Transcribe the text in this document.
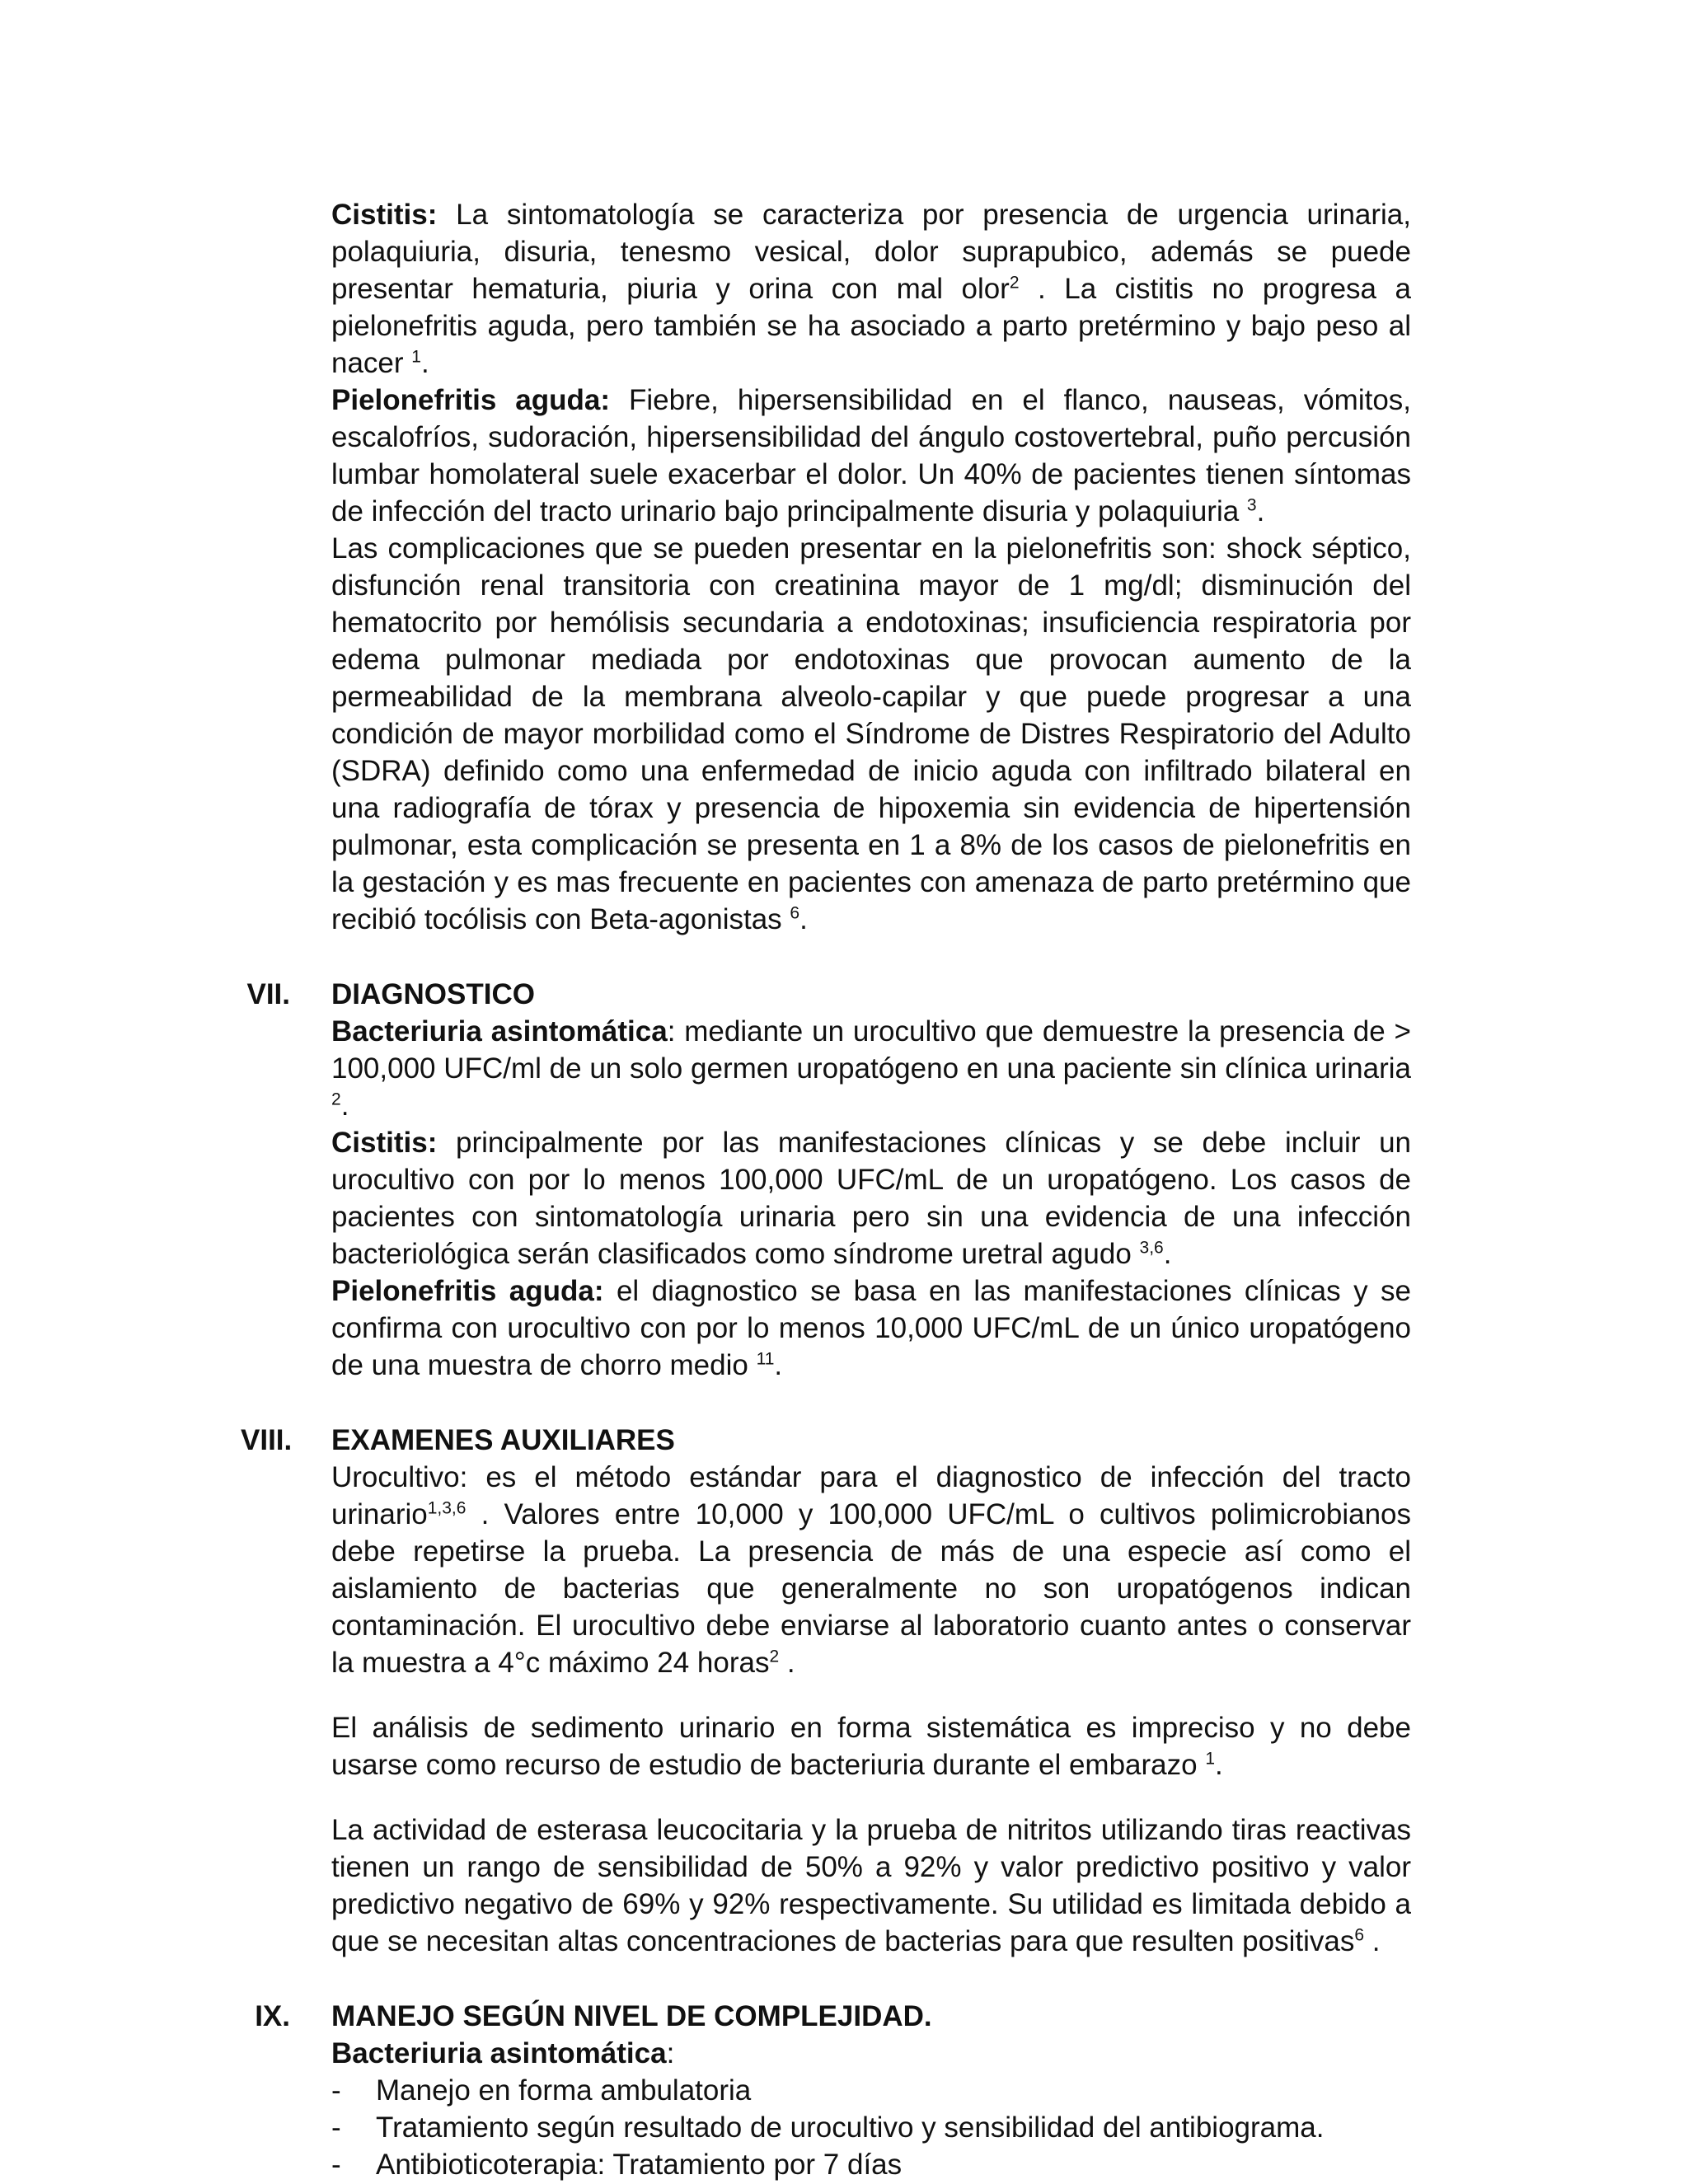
Cistitis: La sintomatología se caracteriza por presencia de urgencia urinaria, polaquiuria, disuria, tenesmo vesical, dolor suprapubico, además se puede presentar hematuria, piuria y orina con mal olor$^2$ . La cistitis no progresa a pielonefritis aguda, pero también se ha asociado a parto pretérmino y bajo peso al nacer $^1$.

Pielonefritis aguda: Fiebre, hipersensibilidad en el flanco, nauseas, vómitos, escalofríos, sudoración, hipersensibilidad del ángulo costovertebral, puño percusión lumbar homolateral suele exacerbar el dolor. Un 40% de pacientes tienen síntomas de infección del tracto urinario bajo principalmente disuria y polaquiuria $^3$.

Las complicaciones que se pueden presentar en la pielonefritis son: shock séptico, disfunción renal transitoria con creatinina mayor de 1 mg/dl; disminución del hematocrito por hemólisis secundaria a endotoxinas; insuficiencia respiratoria por edema pulmonar mediada por endotoxinas que provocan aumento de la permeabilidad de la membrana alveolo-capilar y que puede progresar a una condición de mayor morbilidad como el Síndrome de Distres Respiratorio del Adulto (SDRA) definido como una enfermedad de inicio aguda con infiltrado bilateral en una radiografía de tórax y presencia de hipoxemia sin evidencia de hipertensión pulmonar, esta complicación se presenta en 1 a 8% de los casos de pielonefritis en la gestación y es mas frecuente en pacientes con amenaza de parto pretérmino que recibió tocólisis con Beta-agonistas $^6$.

VII. DIAGNOSTICO

Bacteriuria asintomática: mediante un urocultivo que demuestre la presencia de > 100,000 UFC/ml de un solo germen uropatógeno en una paciente sin clínica urinaria $^2$.

Cistitis: principalmente por las manifestaciones clínicas y se debe incluir un urocultivo con por lo menos 100,000 UFC/mL de un uropatógeno. Los casos de pacientes con sintomatología urinaria pero sin una evidencia de una infección bacteriológica serán clasificados como síndrome uretral agudo $^{3,6}$.

Pielonefritis aguda: el diagnostico se basa en las manifestaciones clínicas y se confirma con urocultivo con por lo menos 10,000 UFC/mL de un único uropatógeno de una muestra de chorro medio $^{11}$.

VIII. EXAMENES AUXILIARES

Urocultivo: es el método estándar para el diagnostico de infección del tracto urinario$^{1,3,6}$ . Valores entre 10,000 y 100,000 UFC/mL o cultivos polimicrobianos debe repetirse la prueba. La presencia de más de una especie así como el aislamiento de bacterias que generalmente no son uropatógenos indican contaminación. El urocultivo debe enviarse al laboratorio cuanto antes o conservar la muestra a 4°c máximo 24 horas$^2$ .

El análisis de sedimento urinario en forma sistemática es impreciso y no debe usarse como recurso de estudio de bacteriuria durante el embarazo $^1$.

La actividad de esterasa leucocitaria y la prueba de nitritos utilizando tiras reactivas tienen un rango de sensibilidad de 50% a 92% y valor predictivo positivo y valor predictivo negativo de 69% y 92% respectivamente. Su utilidad es limitada debido a que se necesitan altas concentraciones de bacterias para que resulten positivas$^6$ .

IX. MANEJO SEGÚN NIVEL DE COMPLEJIDAD.

Bacteriuria asintomática:

- Manejo en forma ambulatoria
- Tratamiento según resultado de urocultivo y sensibilidad del antibiograma.
- Antibioticoterapia: Tratamiento por 7 días
